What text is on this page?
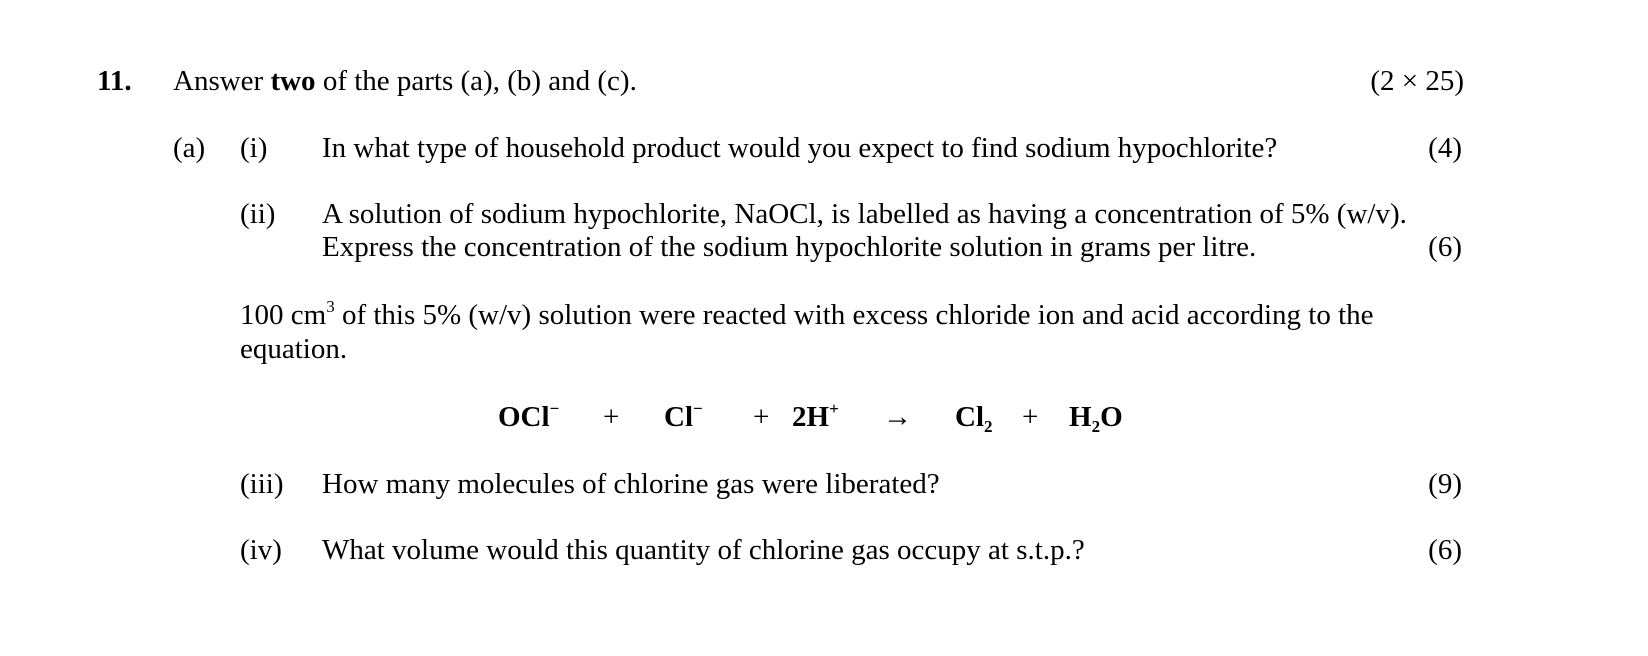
11. Answer two of the parts (a), (b) and (c).	(2 × 25)
(a) (i) In what type of household product would you expect to find sodium hypochlorite?	(4)
(ii) A solution of sodium hypochlorite, NaOCl, is labelled as having a concentration of 5% (w/v).
Express the concentration of the sodium hypochlorite solution in grams per litre.	(6)
100 $cm^3$ of this 5% (w/v) solution were reacted with excess chloride ion and acid according to the
equation.
$OCl^- + Cl^- + 2H^+ \to Cl_2 + H_2O$
(iii) How many molecules of chlorine gas were liberated?	(9)
(iv) What volume would this quantity of chlorine gas occupy at s.t.p.?	(6)
